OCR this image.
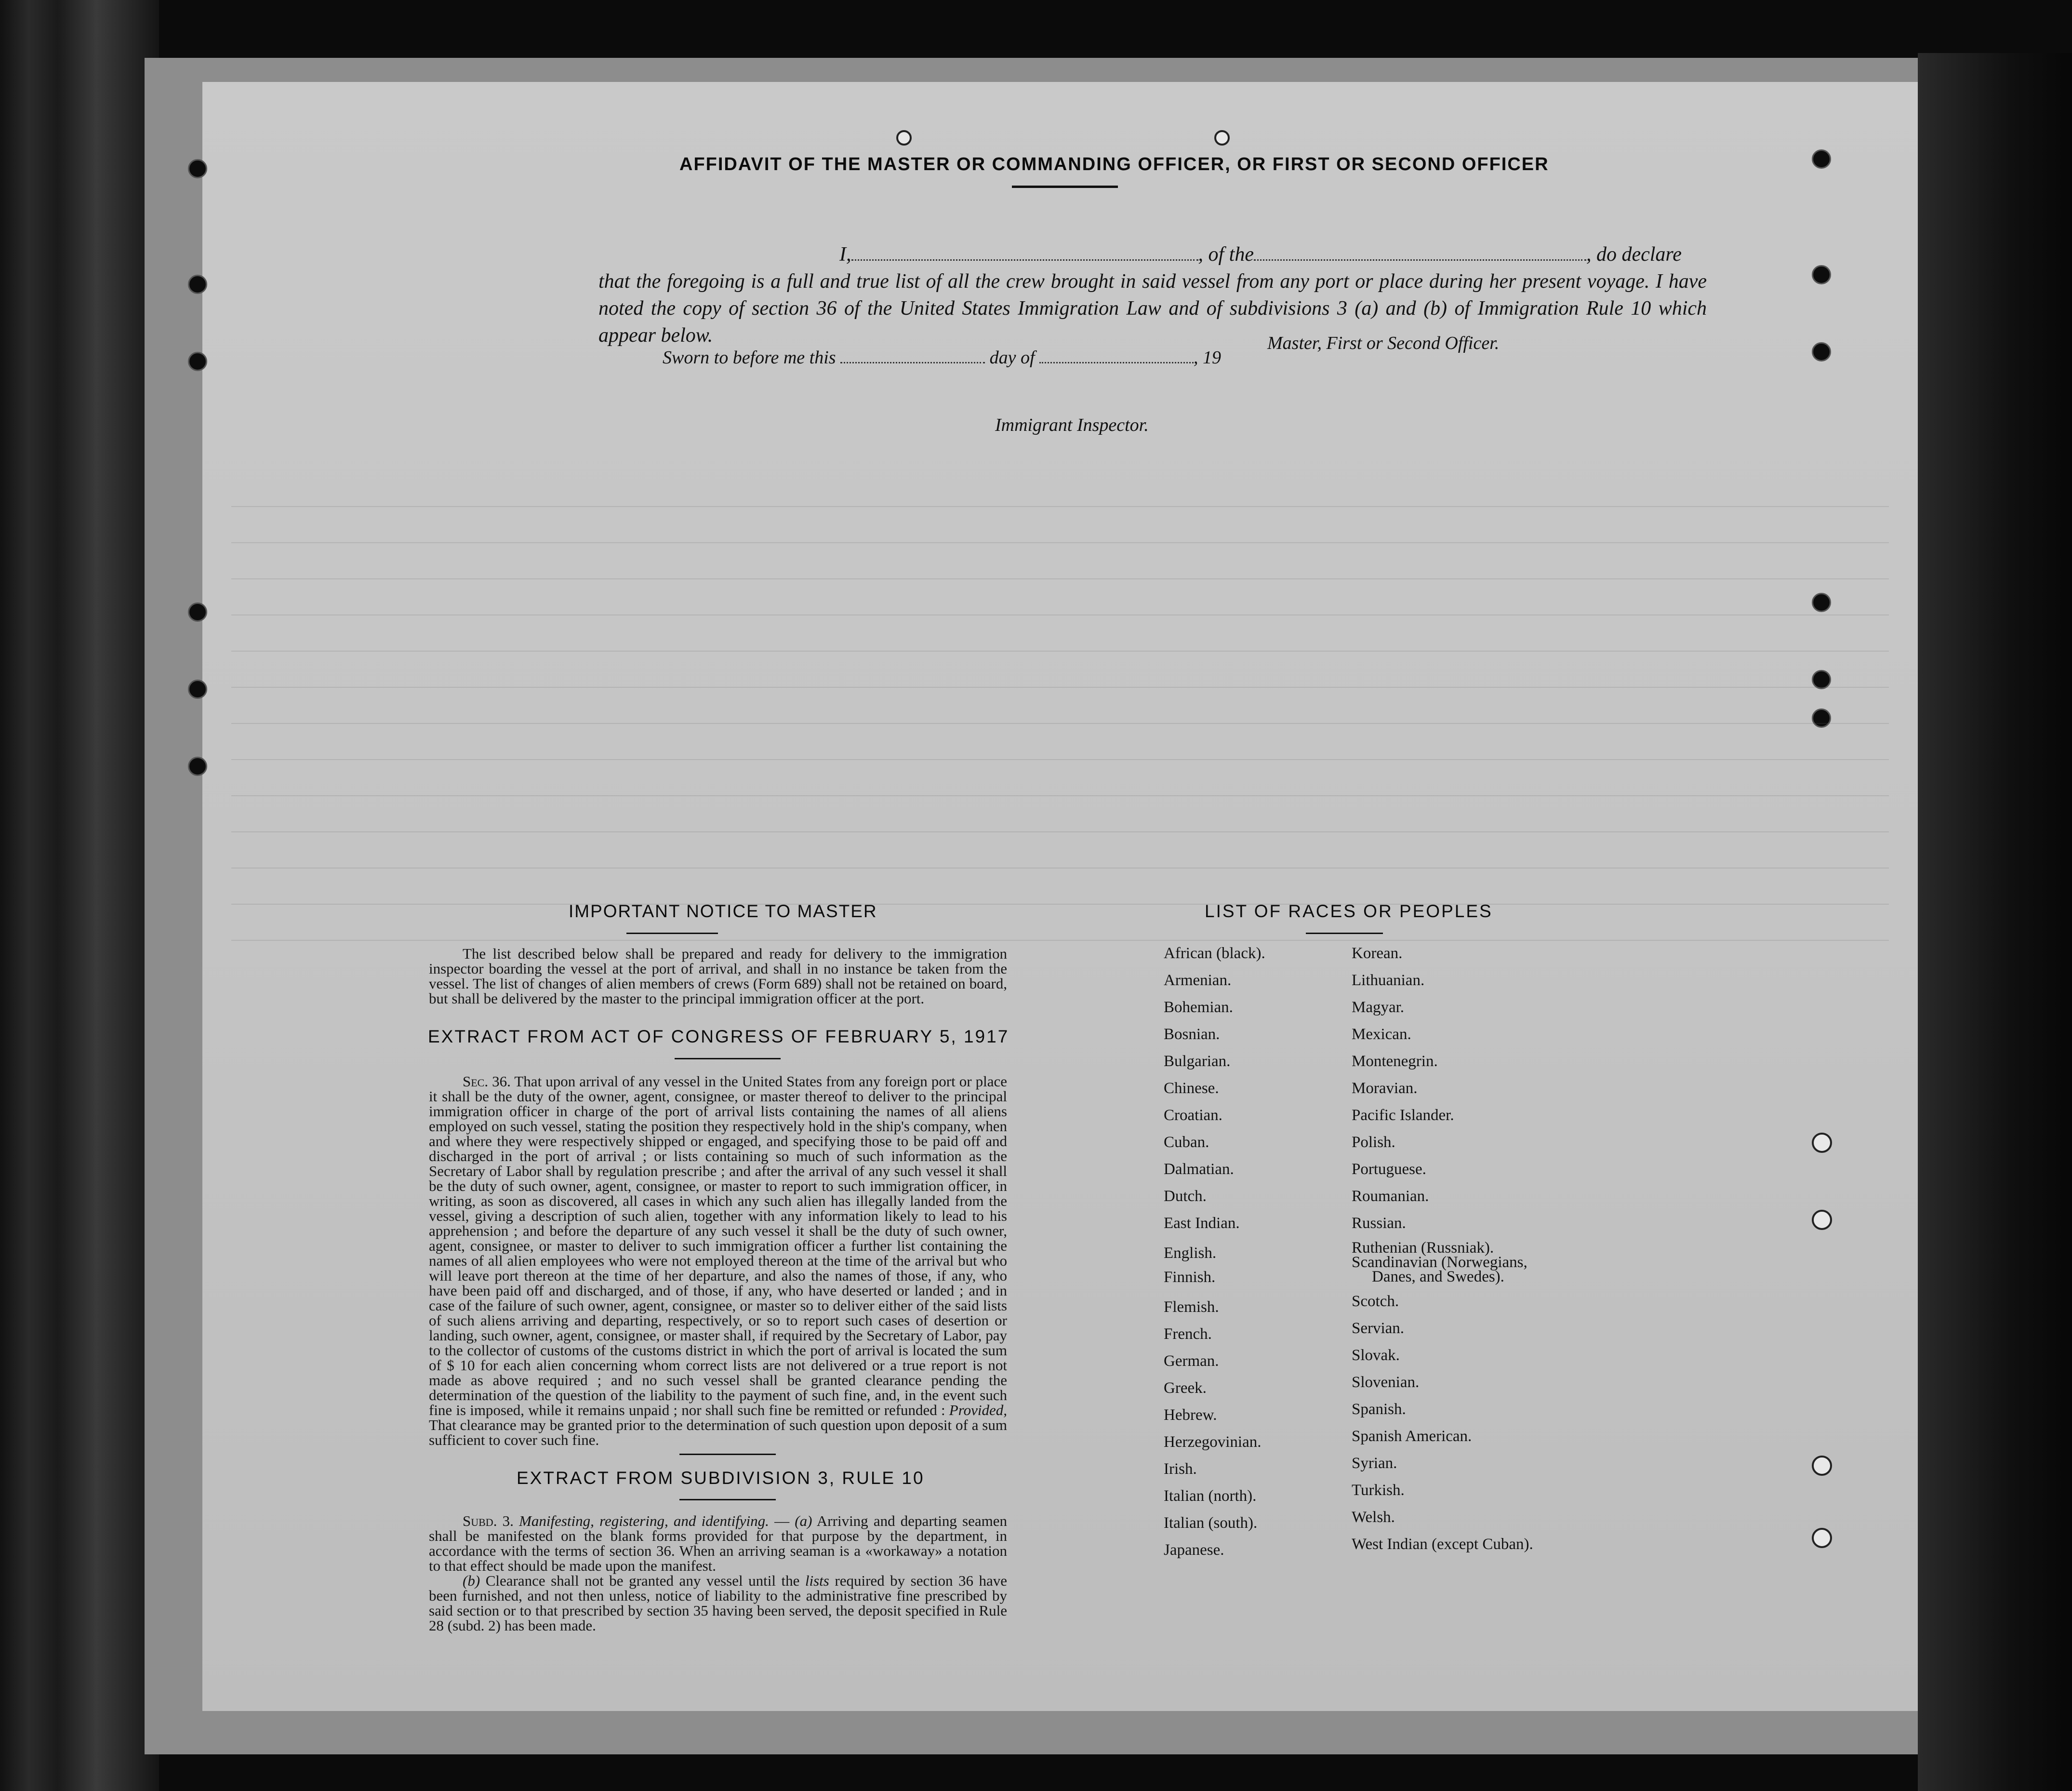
AFFIDAVIT OF THE MASTER OR COMMANDING OFFICER, OR FIRST OR SECOND OFFICER
I,	, of the	, do declare
that the foregoing is a full and true list of all the crew brought in said vessel from any port or place during her present voyage. I have noted the copy of section 36 of the United States Immigration Law and of subdivisions 3 (a) and (b) of Immigration Rule 10 which appear below.	Master, First or Second Officer.
Sworn to before me this	day of	, 19
Immigrant Inspector.
IMPORTANT NOTICE TO MASTER
The list described below shall be prepared and ready for delivery to the immigration inspector boarding the vessel at the port of arrival, and shall in no instance be taken from the vessel. The list of changes of alien members of crews (Form 689) shall not be retained on board, but shall be delivered by the master to the principal immigration officer at the port.
EXTRACT FROM ACT OF CONGRESS OF FEBRUARY 5, 1917
Sec. 36. That upon arrival of any vessel in the United States from any foreign port or place it shall be the duty of the owner, agent, consignee, or master thereof to deliver to the principal immigration officer in charge of the port of arrival lists containing the names of all aliens employed on such vessel, stating the position they respectively hold in the ship's company, when and where they were respectively shipped or engaged, and specifying those to be paid off and discharged in the port of arrival ; or lists containing so much of such information as the Secretary of Labor shall by regulation prescribe ; and after the arrival of any such vessel it shall be the duty of such owner, agent, consignee, or master to report to such immigration officer, in writing, as soon as discovered, all cases in which any such alien has illegally landed from the vessel, giving a description of such alien, together with any information likely to lead to his apprehension ; and before the departure of any such vessel it shall be the duty of such owner, agent, consignee, or master to deliver to such immigration officer a further list containing the names of all alien employees who were not employed thereon at the time of the arrival but who will leave port thereon at the time of her departure, and also the names of those, if any, who have been paid off and discharged, and of those, if any, who have deserted or landed ; and in case of the failure of such owner, agent, consignee, or master so to deliver either of the said lists of such aliens arriving and departing, respectively, or so to report such cases of desertion or landing, such owner, agent, consignee, or master shall, if required by the Secretary of Labor, pay to the collector of customs of the customs district in which the port of arrival is located the sum of $ 10 for each alien concerning whom correct lists are not delivered or a true report is not made as above required ; and no such vessel shall be granted clearance pending the determination of the question of the liability to the payment of such fine, and, in the event such fine is imposed, while it remains unpaid ; nor shall such fine be remitted or refunded : Provided, That clearance may be granted prior to the determination of such question upon deposit of a sum sufficient to cover such fine.
EXTRACT FROM SUBDIVISION 3, RULE 10
Subd. 3. Manifesting, registering, and identifying. — (a) Arriving and departing seamen shall be manifested on the blank forms provided for that purpose by the department, in accordance with the terms of section 36. When an arriving seaman is a «workaway» a notation to that effect should be made upon the manifest.
(b) Clearance shall not be granted any vessel until the lists required by section 36 have been furnished, and not then unless, notice of liability to the administrative fine prescribed by said section or to that prescribed by section 35 having been served, the deposit specified in Rule 28 (subd. 2) has been made.
LIST OF RACES OR PEOPLES
African (black).
Armenian.
Bohemian.
Bosnian.
Bulgarian.
Chinese.
Croatian.
Cuban.
Dalmatian.
Dutch.
East Indian.
English.
Finnish.
Flemish.
French.
German.
Greek.
Hebrew.
Herzegovinian.
Irish.
Italian (north).
Italian (south).
Japanese.
Korean.
Lithuanian.
Magyar.
Mexican.
Montenegrin.
Moravian.
Pacific Islander.
Polish.
Portuguese.
Roumanian.
Russian.
Ruthenian (Russniak).
Scandinavian (Norwegians,
Danes, and Swedes).
Scotch.
Servian.
Slovak.
Slovenian.
Spanish.
Spanish American.
Syrian.
Turkish.
Welsh.
West Indian (except Cuban).
